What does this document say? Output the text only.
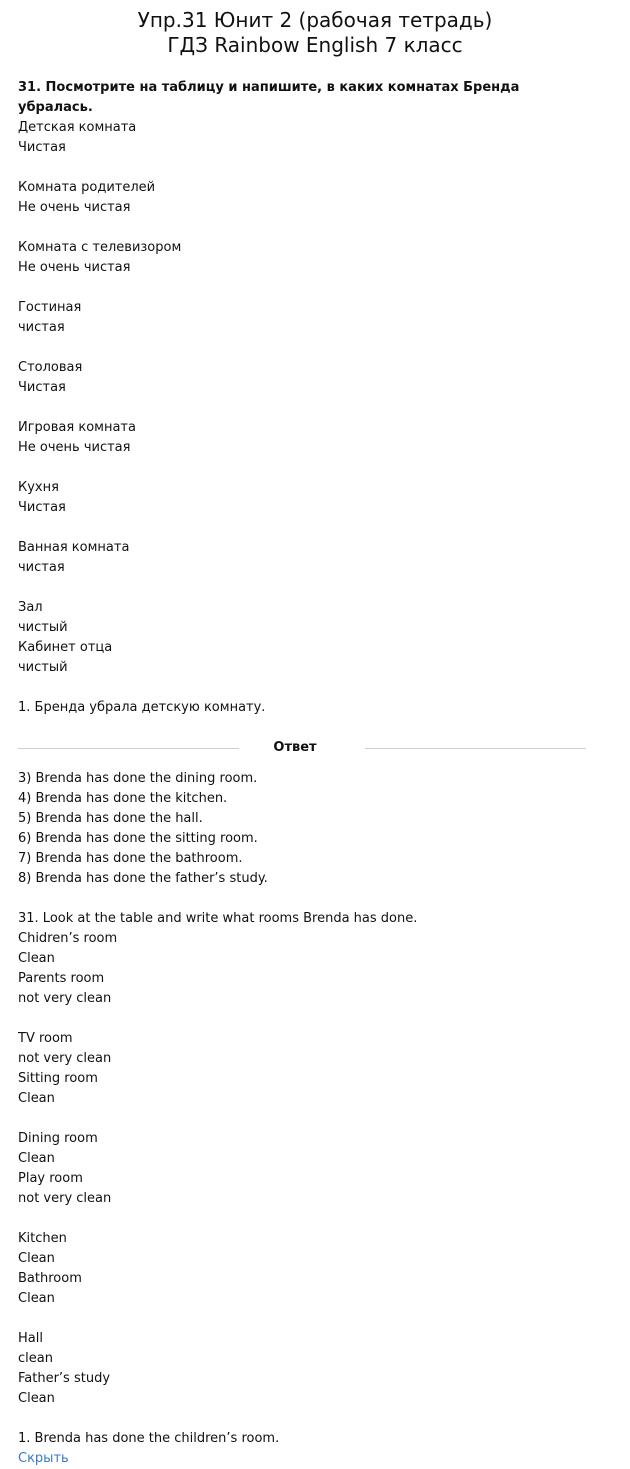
Упр.31 Юнит 2 (рабочая тетрадь)
ГДЗ Rainbow English 7 класс
31. Посмотрите на таблицу и напишите, в каких комнатах Бренда убралась.
Детская комната
Чистая
Комната родителей
Не очень чистая
Комната с телевизором
Не очень чистая
Гостиная
чистая
Столовая
Чистая
Игровая комната
Не очень чистая
Кухня
Чистая
Ванная комната
чистая
Зал
чистый
Кабинет отца
чистый
1. Бренда убрала детскую комнату.
Ответ
3) Brenda has done the dining room.
4) Brenda has done the kitchen.
5) Brenda has done the hall.
6) Brenda has done the sitting room.
7) Brenda has done the bathroom.
8) Brenda has done the father’s study.
31. Look at the table and write what rooms Brenda has done.
Chidren’s room
Clean
Parents room
not very clean
TV room
not very clean
Sitting room
Clean
Dining room
Clean
Play room
not very clean
Kitchen
Clean
Bathroom
Clean
Hall
clean
Father’s study
Clean
1. Brenda has done the children’s room.
Скрыть
